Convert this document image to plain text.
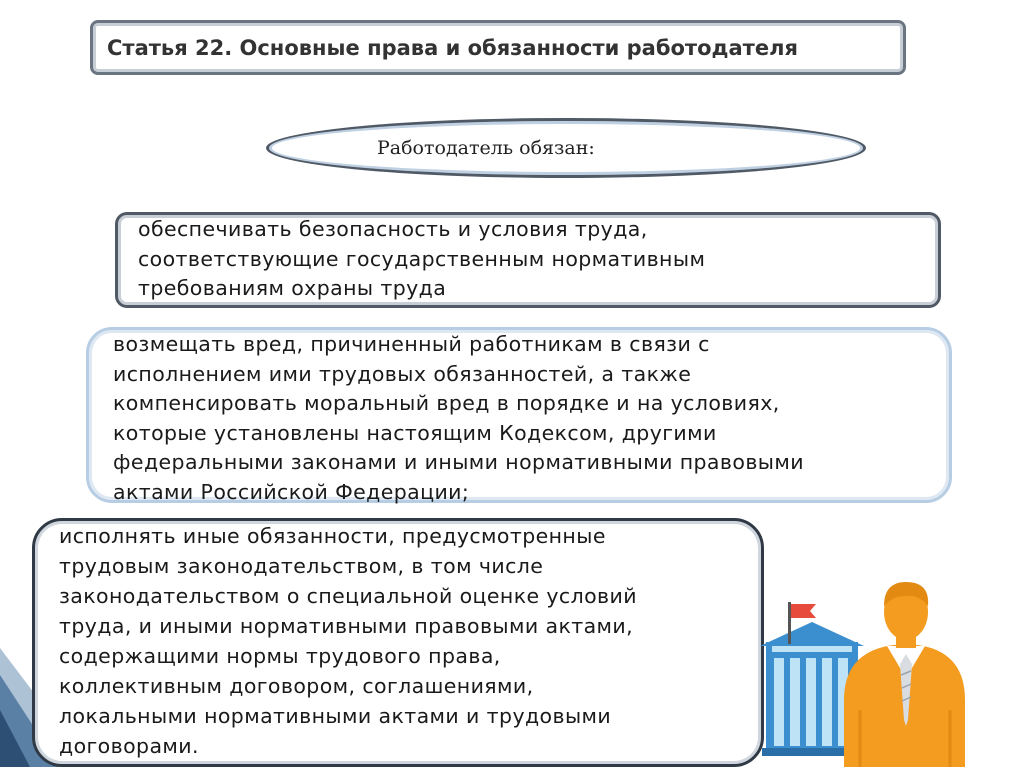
Статья 22. Основные права и обязанности работодателя
Работодатель обязан:

обеспечивать безопасность и условия труда,
соответствующие государственным нормативным
требованиям охраны труда

возмещать вред, причиненный работникам в связи с
исполнением ими трудовых обязанностей, а также
компенсировать моральный вред в порядке и на условиях,
которые установлены настоящим Кодексом, другими
федеральными законами и иными нормативными правовыми
актами Российской Федерации;

исполнять иные обязанности, предусмотренные
трудовым законодательством, в том числе
законодательством о специальной оценке условий
труда, и иными нормативными правовыми актами,
содержащими нормы трудового права,
коллективным договором, соглашениями,
локальными нормативными актами и трудовыми
договорами.
